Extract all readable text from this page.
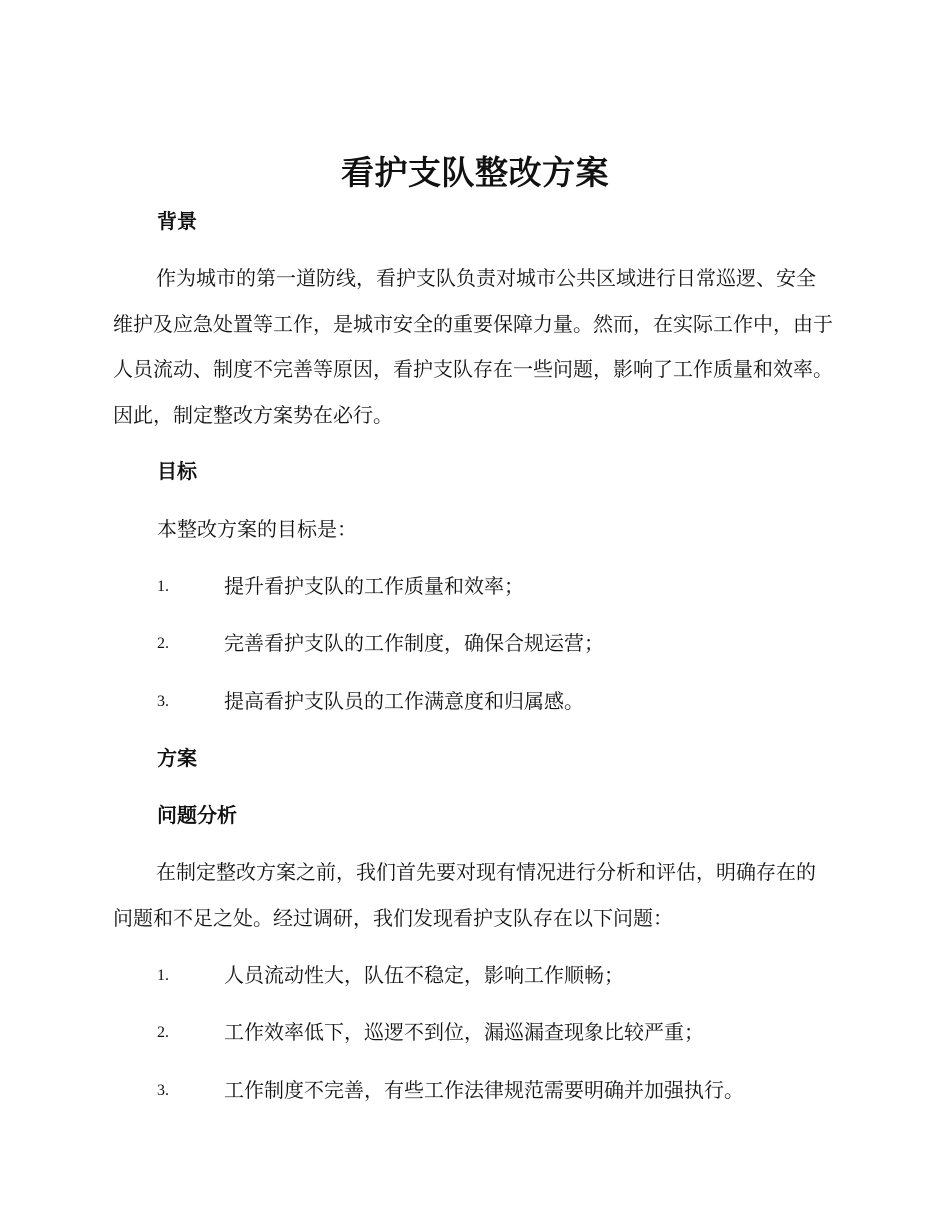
看护支队整改方案
背景

作为城市的第一道防线，看护支队负责对城市公共区域进行日常巡逻、安全维护及应急处置等工作，是城市安全的重要保障力量。然而，在实际工作中，由于人员流动、制度不完善等原因，看护支队存在一些问题，影响了工作质量和效率。因此，制定整改方案势在必行。

目标
本整改方案的目标是：
1.	提升看护支队的工作质量和效率；
2.	完善看护支队的工作制度，确保合规运营；
3.	提高看护支队员的工作满意度和归属感。
方案
问题分析

在制定整改方案之前，我们首先要对现有情况进行分析和评估，明确存在的问题和不足之处。经过调研，我们发现看护支队存在以下问题：

1.	人员流动性大，队伍不稳定，影响工作顺畅；
2.	工作效率低下，巡逻不到位，漏巡漏查现象比较严重；
3.	工作制度不完善，有些工作法律规范需要明确并加强执行。
